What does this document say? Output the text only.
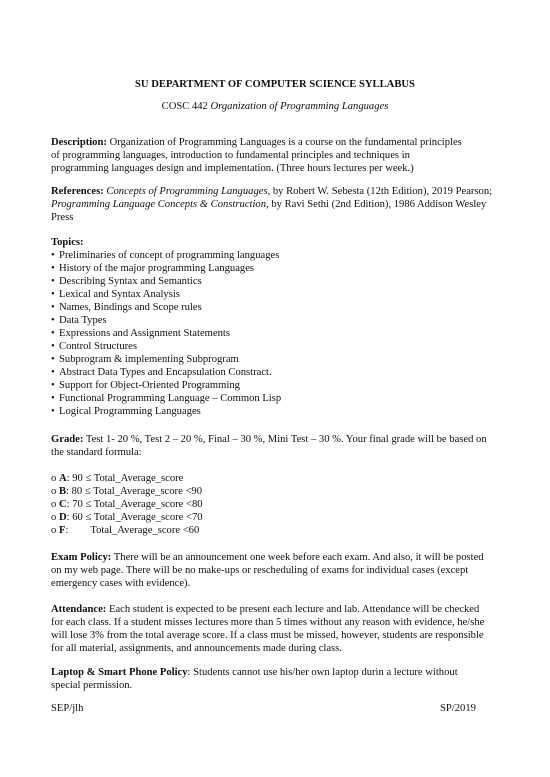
SU DEPARTMENT OF COMPUTER SCIENCE SYLLABUS
COSC 442 Organization of Programming Languages
Description: Organization of Programming Languages is a course on the fundamental principles
of programming languages, introduction to fundamental principles and techniques in
programming languages design and implementation. (Three hours lectures per week.)
References: Concepts of Programming Languages, by Robert W. Sebesta (12th Edition), 2019 Pearson;
Programming Language Concepts & Construction, by Ravi Sethi (2nd Edition), 1986 Addison Wesley
Press
Topics:
• Preliminaries of concept of programming languages
• History of the major programming Languages
• Describing Syntax and Semantics
• Lexical and Syntax Analysis
• Names, Bindings and Scope rules
• Data Types
• Expressions and Assignment Statements
• Control Structures
• Subprogram & implementing Subprogram
• Abstract Data Types and Encapsulation Constract.
• Support for Object-Oriented Programming
• Functional Programming Language – Common Lisp
• Logical Programming Languages
Grade: Test 1- 20 %, Test 2 – 20 %, Final – 30 %, Mini Test – 30 %. Your final grade will be based on
the standard formula:
o A: 90 ≤ Total_Average_score
o B: 80 ≤ Total_Average_score <90
o C: 70 ≤ Total_Average_score <80
o D: 60 ≤ Total_Average_score <70
o F: Total_Average_score <60
Exam Policy: There will be an announcement one week before each exam. And also, it will be posted
on my web page. There will be no make-ups or rescheduling of exams for individual cases (except
emergency cases with evidence).
Attendance: Each student is expected to be present each lecture and lab. Attendance will be checked
for each class. If a student misses lectures more than 5 times without any reason with evidence, he/she
will lose 3% from the total average score. If a class must be missed, however, students are responsible
for all material, assignments, and announcements made during class.
Laptop & Smart Phone Policy: Students cannot use his/her own laptop durin a lecture without
special permission.
SEP/jlh	SP/2019
